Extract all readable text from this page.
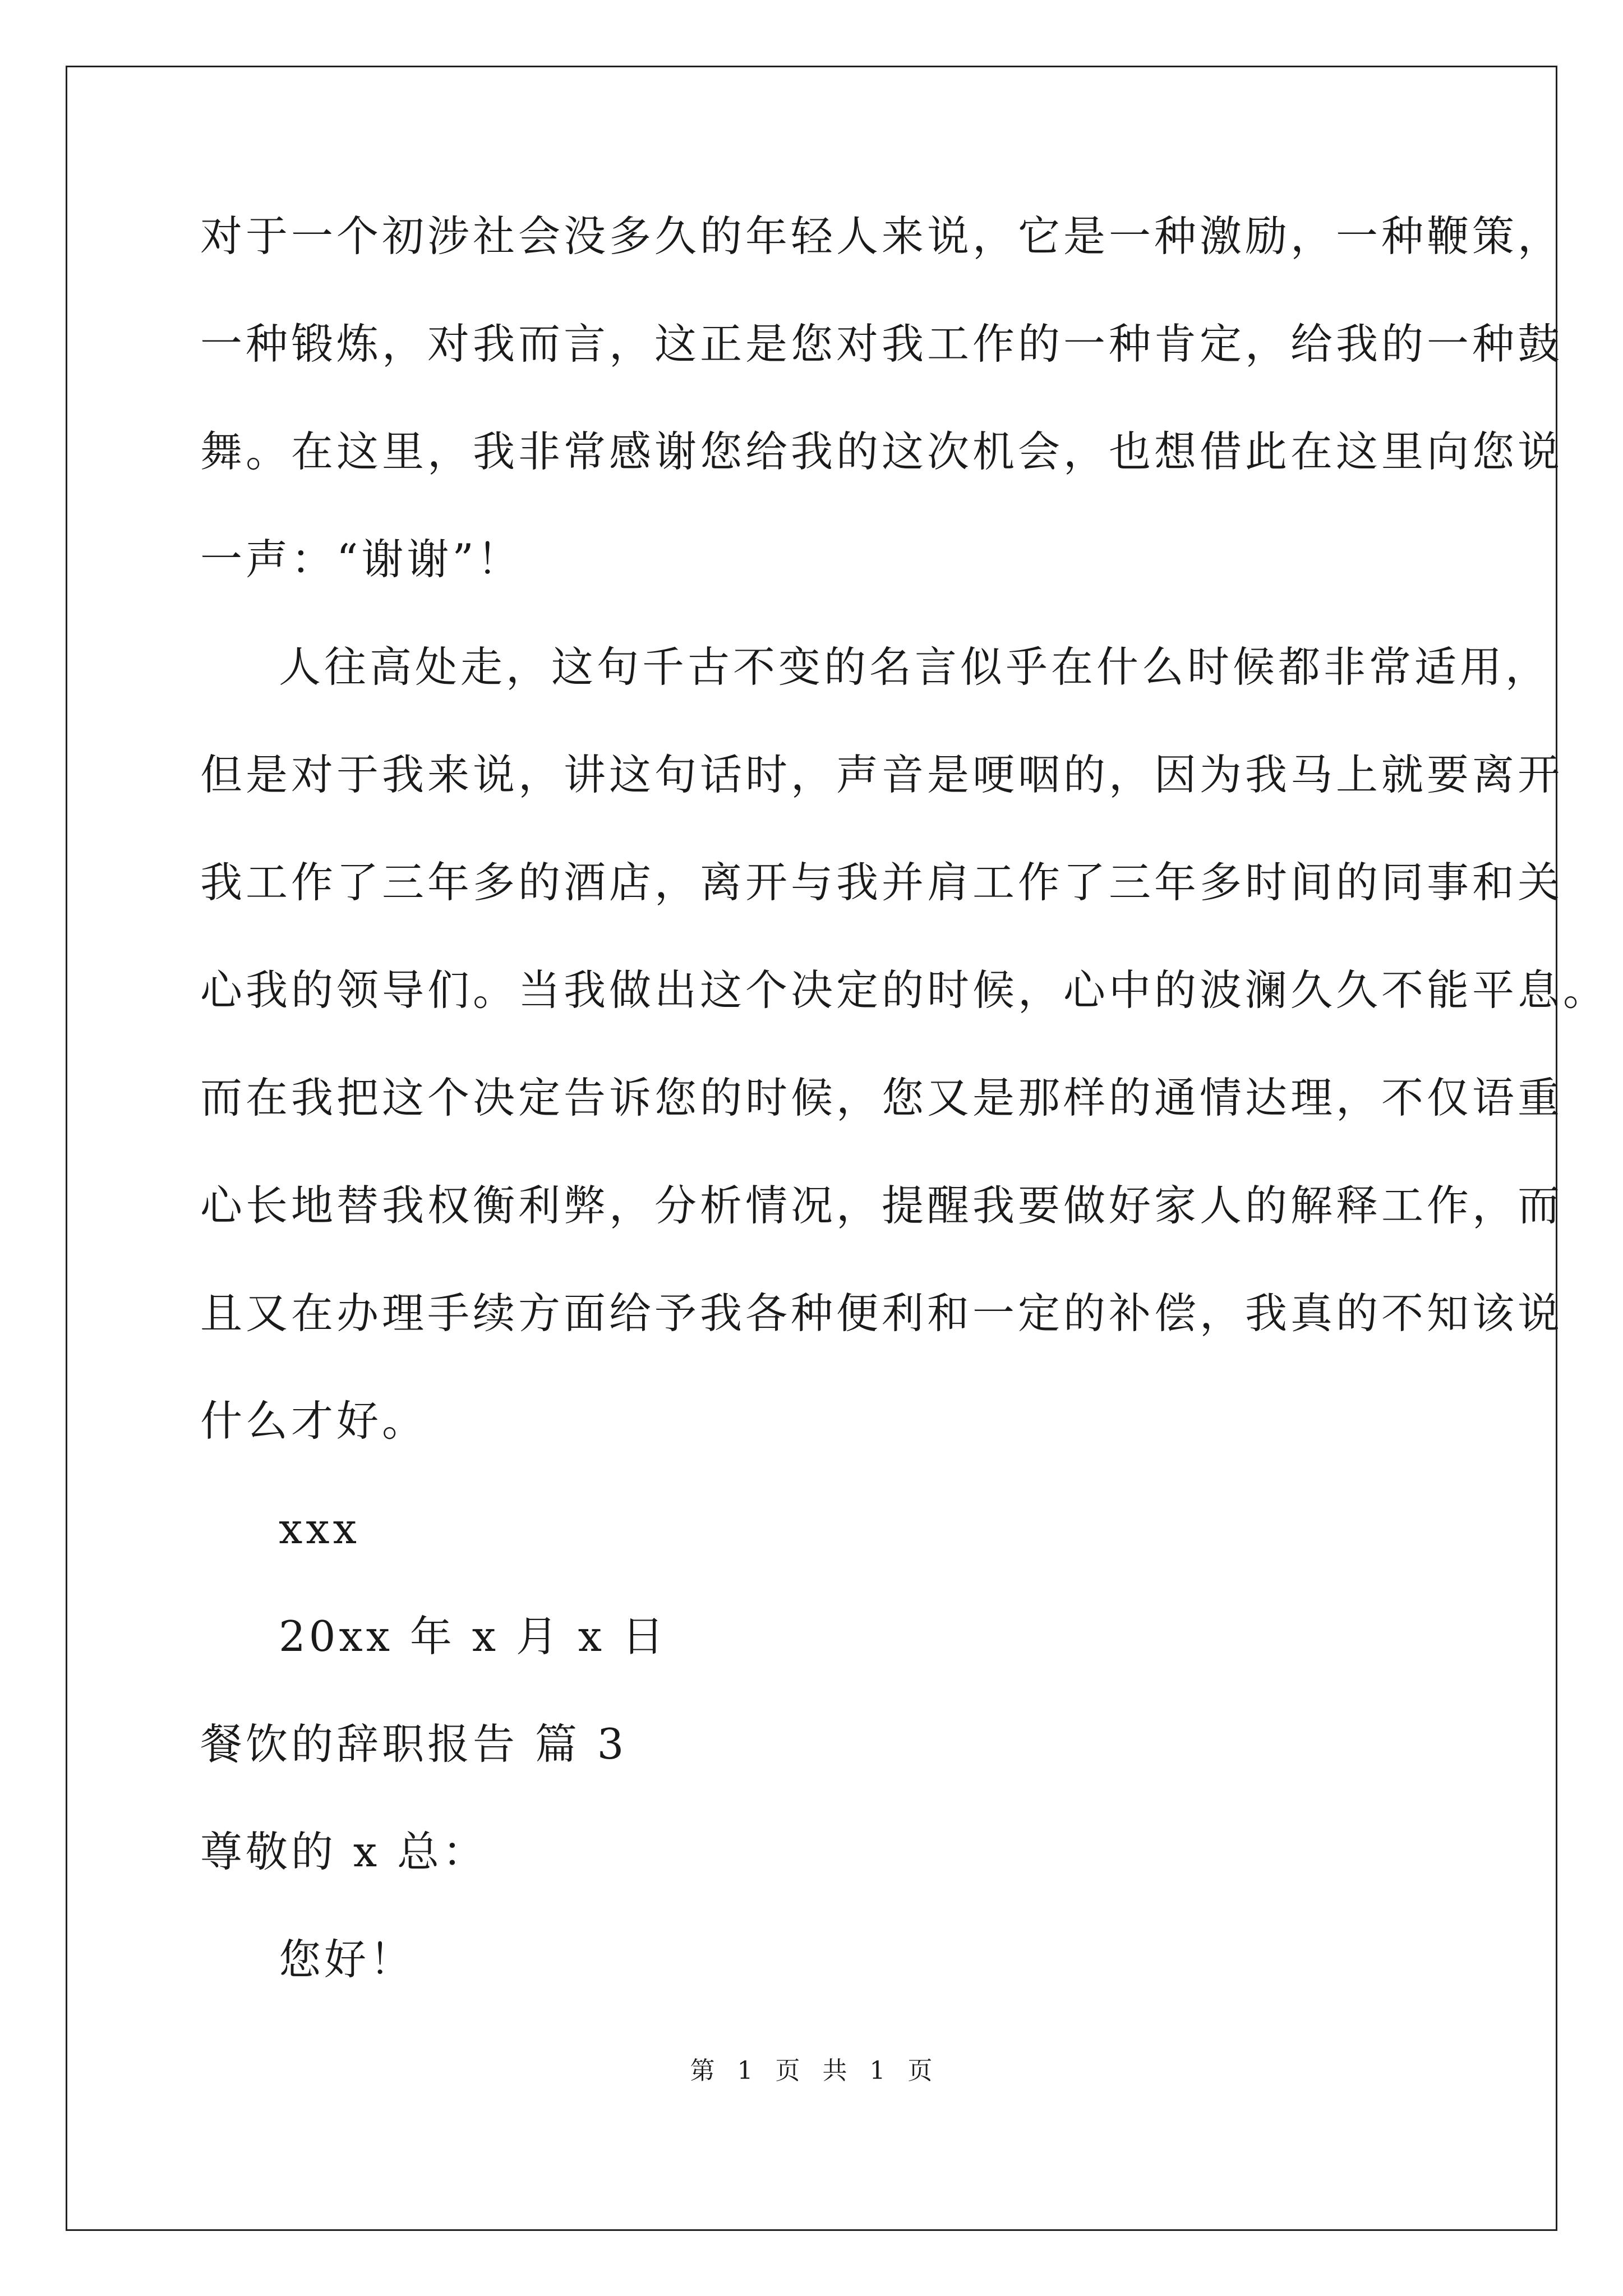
对于一个初涉社会没多久的年轻人来说，它是一种激励，一种鞭策，

一种锻炼，对我而言，这正是您对我工作的一种肯定，给我的一种鼓

舞。在这里，我非常感谢您给我的这次机会，也想借此在这里向您说

一声：“谢谢”！

人往高处走，这句千古不变的名言似乎在什么时候都非常适用，

但是对于我来说，讲这句话时，声音是哽咽的，因为我马上就要离开

我工作了三年多的酒店，离开与我并肩工作了三年多时间的同事和关

心我的领导们。当我做出这个决定的时候，心中的波澜久久不能平息。

而在我把这个决定告诉您的时候，您又是那样的通情达理，不仅语重

心长地替我权衡利弊，分析情况，提醒我要做好家人的解释工作，而

且又在办理手续方面给予我各种便利和一定的补偿，我真的不知该说

什么才好。

xxx

20xx 年 x 月 x 日

餐饮的辞职报告 篇 3

尊敬的 x 总：

您好！

第 1 页 共 1 页
